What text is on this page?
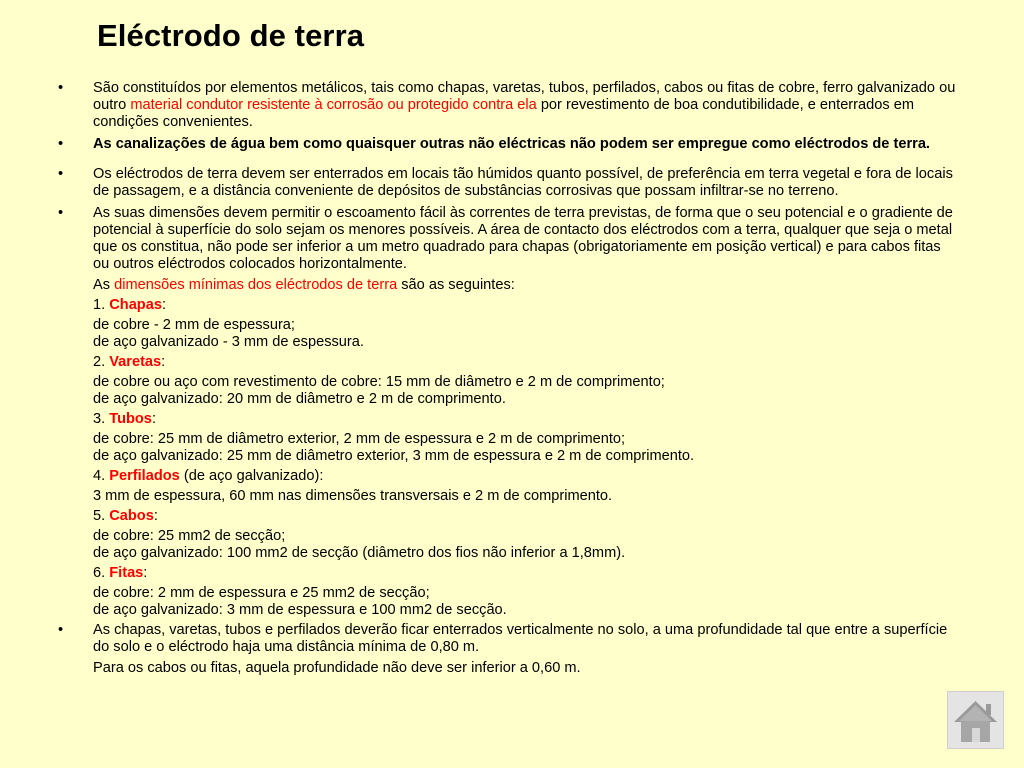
Eléctrodo de terra
• São constituídos por elementos metálicos, tais como chapas, varetas, tubos, perfilados, cabos ou fitas de cobre, ferro galvanizado ou outro material condutor resistente à corrosão ou protegido contra ela por revestimento de boa condutibilidade, e enterrados em condições convenientes.
• As canalizações de água bem como quaisquer outras não eléctricas não podem ser empregue como eléctrodos de terra.
• Os eléctrodos de terra devem ser enterrados em locais tão húmidos quanto possível, de preferência em terra vegetal e fora de locais de passagem, e a distância conveniente de depósitos de substâncias corrosivas que possam infiltrar-se no terreno.
• As suas dimensões devem permitir o escoamento fácil às correntes de terra previstas, de forma que o seu potencial e o gradiente de potencial à superfície do solo sejam os menores possíveis. A área de contacto dos eléctrodos com a terra, qualquer que seja o metal que os constitua, não pode ser inferior a um metro quadrado para chapas (obrigatoriamente em posição vertical) e para cabos fitas ou outros eléctrodos colocados horizontalmente.
As dimensões mínimas dos eléctrodos de terra são as seguintes:
1. Chapas:
de cobre - 2 mm de espessura;
de aço galvanizado - 3 mm de espessura.
2. Varetas:
de cobre ou aço com revestimento de cobre: 15 mm de diâmetro e 2 m de comprimento;
de aço galvanizado: 20 mm de diâmetro e 2 m de comprimento.
3. Tubos:
de cobre: 25 mm de diâmetro exterior, 2 mm de espessura e 2 m de comprimento;
de aço galvanizado: 25 mm de diâmetro exterior, 3 mm de espessura e 2 m de comprimento.
4. Perfilados (de aço galvanizado):
3 mm de espessura, 60 mm nas dimensões transversais e 2 m de comprimento.
5. Cabos:
de cobre: 25 mm2 de secção;
de aço galvanizado: 100 mm2 de secção (diâmetro dos fios não inferior a 1,8mm).
6. Fitas:
de cobre: 2 mm de espessura e 25 mm2 de secção;
de aço galvanizado: 3 mm de espessura e 100 mm2 de secção.
• As chapas, varetas, tubos e perfilados deverão ficar enterrados verticalmente no solo, a uma profundidade tal que entre a superfície do solo e o eléctrodo haja uma distância mínima de 0,80 m.
Para os cabos ou fitas, aquela profundidade não deve ser inferior a 0,60 m.
